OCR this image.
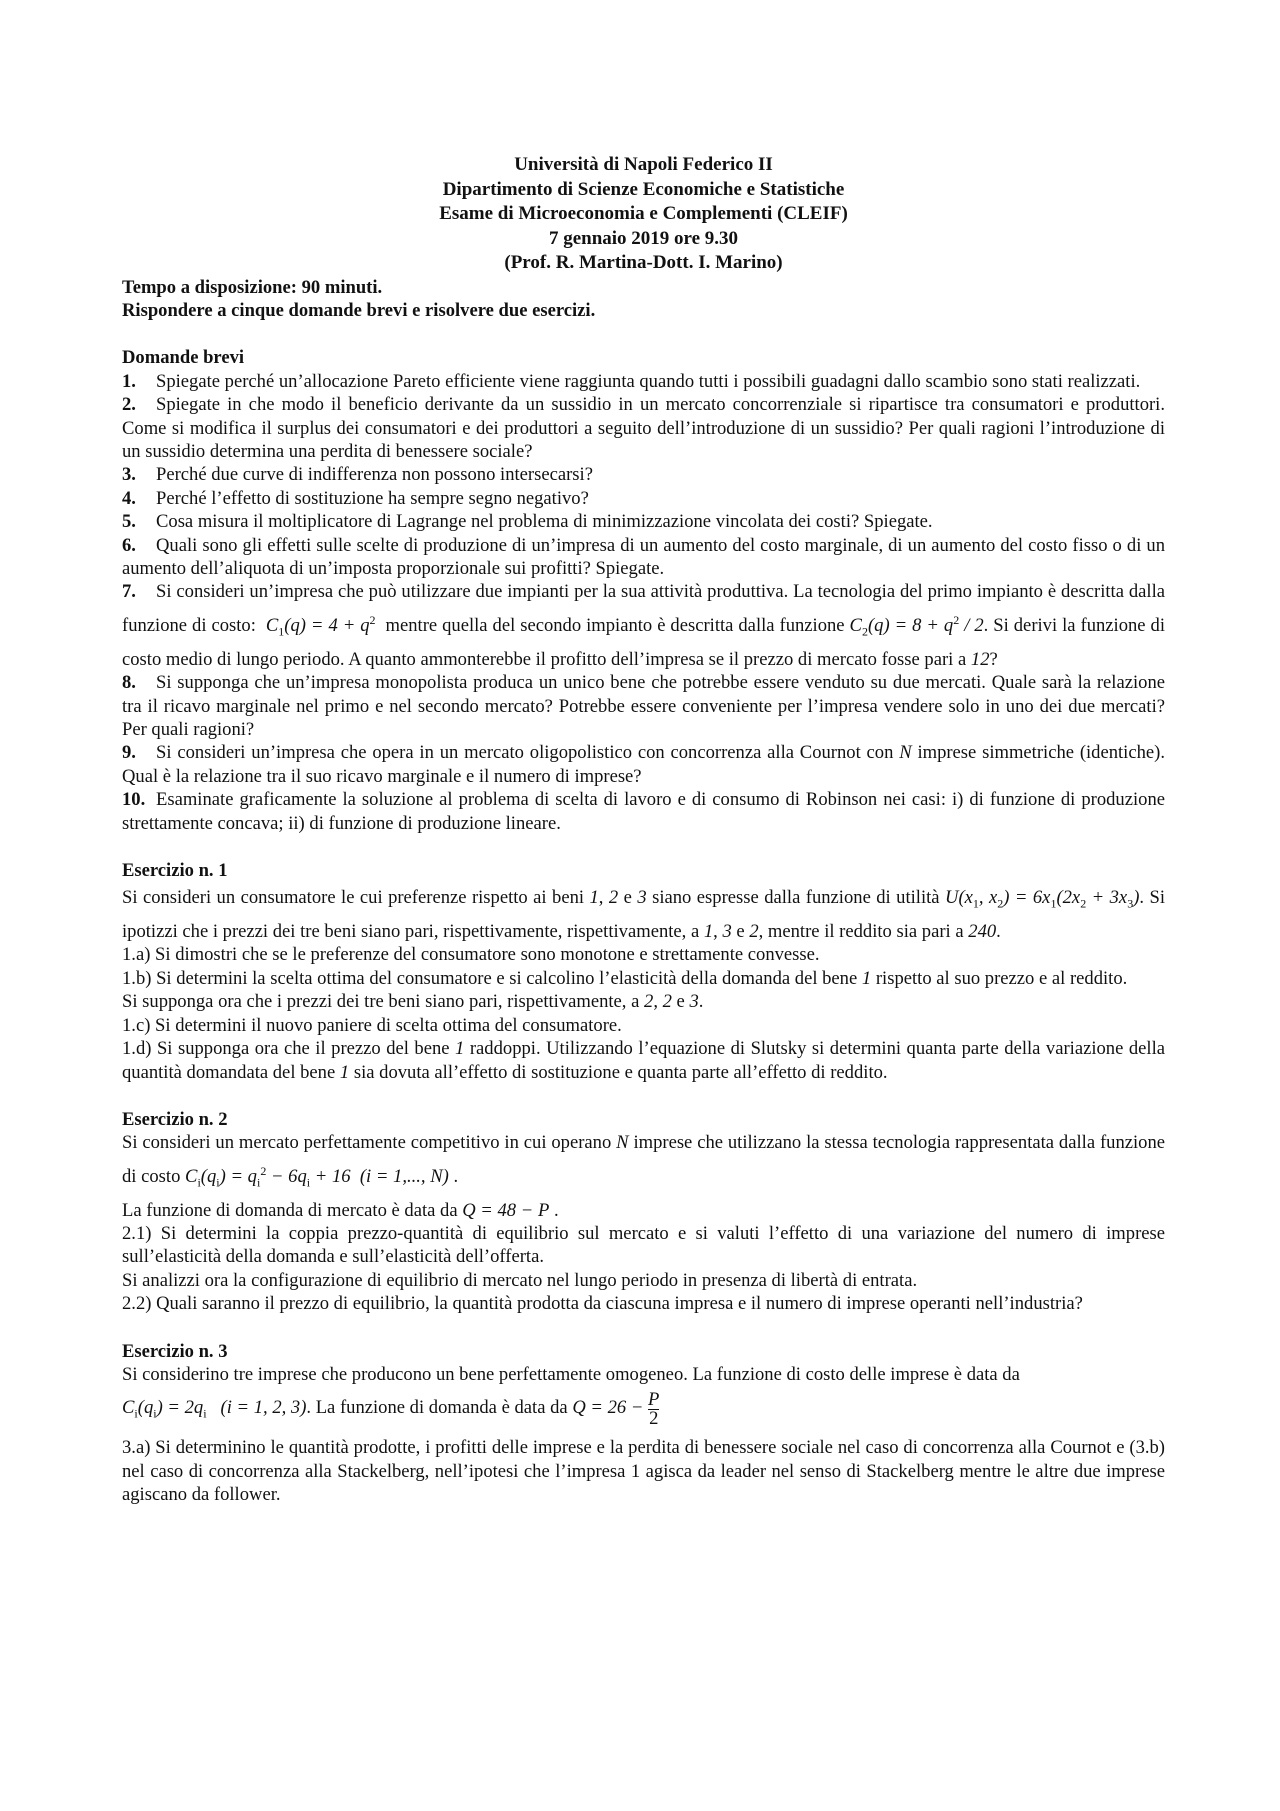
Università di Napoli Federico II
Dipartimento di Scienze Economiche e Statistiche
Esame di Microeconomia e Complementi (CLEIF)
7 gennaio 2019 ore 9.30
(Prof. R. Martina-Dott. I. Marino)
Tempo a disposizione: 90 minuti.
Rispondere a cinque domande brevi e risolvere due esercizi.
Domande brevi

1. Spiegate perché un’allocazione Pareto efficiente viene raggiunta quando tutti i possibili guadagni dallo scambio sono stati realizzati.

2. Spiegate in che modo il beneficio derivante da un sussidio in un mercato concorrenziale si ripartisce tra consumatori e produttori. Come si modifica il surplus dei consumatori e dei produttori a seguito dell’introduzione di un sussidio? Per quali ragioni l’introduzione di un sussidio determina una perdita di benessere sociale?

3. Perché due curve di indifferenza non possono intersecarsi?

4. Perché l’effetto di sostituzione ha sempre segno negativo?

5. Cosa misura il moltiplicatore di Lagrange nel problema di minimizzazione vincolata dei costi? Spiegate.

6. Quali sono gli effetti sulle scelte di produzione di un’impresa di un aumento del costo marginale, di un aumento del costo fisso o di un aumento dell’aliquota di un’imposta proporzionale sui profitti? Spiegate.

7. Si consideri un’impresa che può utilizzare due impianti per la sua attività produttiva. La tecnologia del primo impianto è descritta dalla funzione di costo:  $C_1(q) = 4 + q^2$ mentre quella del secondo impianto è descritta dalla funzione $C_2(q) = 8 + q^2 / 2$. Si derivi la funzione di costo medio di lungo periodo. A quanto ammonterebbe il profitto dell’impresa se il prezzo di mercato fosse pari a 12?

8. Si supponga che un’impresa monopolista produca un unico bene che potrebbe essere venduto su due mercati. Quale sarà la relazione tra il ricavo marginale nel primo e nel secondo mercato? Potrebbe essere conveniente per l’impresa vendere solo in uno dei due mercati? Per quali ragioni?

9. Si consideri un’impresa che opera in un mercato oligopolistico con concorrenza alla Cournot con N imprese simmetriche (identiche). Qual è la relazione tra il suo ricavo marginale e il numero di imprese?

10. Esaminate graficamente la soluzione al problema di scelta di lavoro e di consumo di Robinson nei casi: i) di funzione di produzione strettamente concava; ii) di funzione di produzione lineare.

Esercizio n. 1

Si consideri un consumatore le cui preferenze rispetto ai beni 1, 2 e 3 siano espresse dalla funzione di utilità $U(x_1$, $x_2) = 6x_1(2x_2 + 3x_3)$. Si ipotizzi che i prezzi dei tre beni siano pari, rispettivamente, rispettivamente, a 1, 3 e 2, mentre il reddito sia pari a 240.

1.a) Si dimostri che se le preferenze del consumatore sono monotone e strettamente convesse.

1.b) Si determini la scelta ottima del consumatore e si calcolino l’elasticità della domanda del bene 1 rispetto al suo prezzo e al reddito.

Si supponga ora che i prezzi dei tre beni siano pari, rispettivamente, a 2, 2 e 3.

1.c) Si determini il nuovo paniere di scelta ottima del consumatore.

1.d) Si supponga ora che il prezzo del bene 1 raddoppi. Utilizzando l’equazione di Slutsky si determini quanta parte della variazione della quantità domandata del bene 1 sia dovuta all’effetto di sostituzione e quanta parte all’effetto di reddito.

Esercizio n. 2

Si consideri un mercato perfettamente competitivo in cui operano N imprese che utilizzano la stessa tecnologia rappresentata dalla funzione di costo $C_i(q_i) = q_i^2 - 6q_i + 16$  (i = 1,..., N) .

La funzione di domanda di mercato è data da Q = 48 − P .

2.1) Si determini la coppia prezzo-quantità di equilibrio sul mercato e si valuti l’effetto di una variazione del numero di imprese sull’elasticità della domanda e sull’elasticità dell’offerta.

Si analizzi ora la configurazione di equilibrio di mercato nel lungo periodo in presenza di libertà di entrata.

2.2) Quali saranno il prezzo di equilibrio, la quantità prodotta da ciascuna impresa e il numero di imprese operanti nell’industria?

Esercizio n. 3

Si considerino tre imprese che producono un bene perfettamente omogeneo. La funzione di costo delle imprese è data da

$C_i(q_i) = 2q_i$   (i = 1, 2, 3). La funzione di domanda è data da $Q = 26 - \frac{P}{2}$

3.a) Si determinino le quantità prodotte, i profitti delle imprese e la perdita di benessere sociale nel caso di concorrenza alla Cournot e (3.b) nel caso di concorrenza alla Stackelberg, nell’ipotesi che l’impresa 1 agisca da leader nel senso di Stackelberg mentre le altre due imprese agiscano da follower.
